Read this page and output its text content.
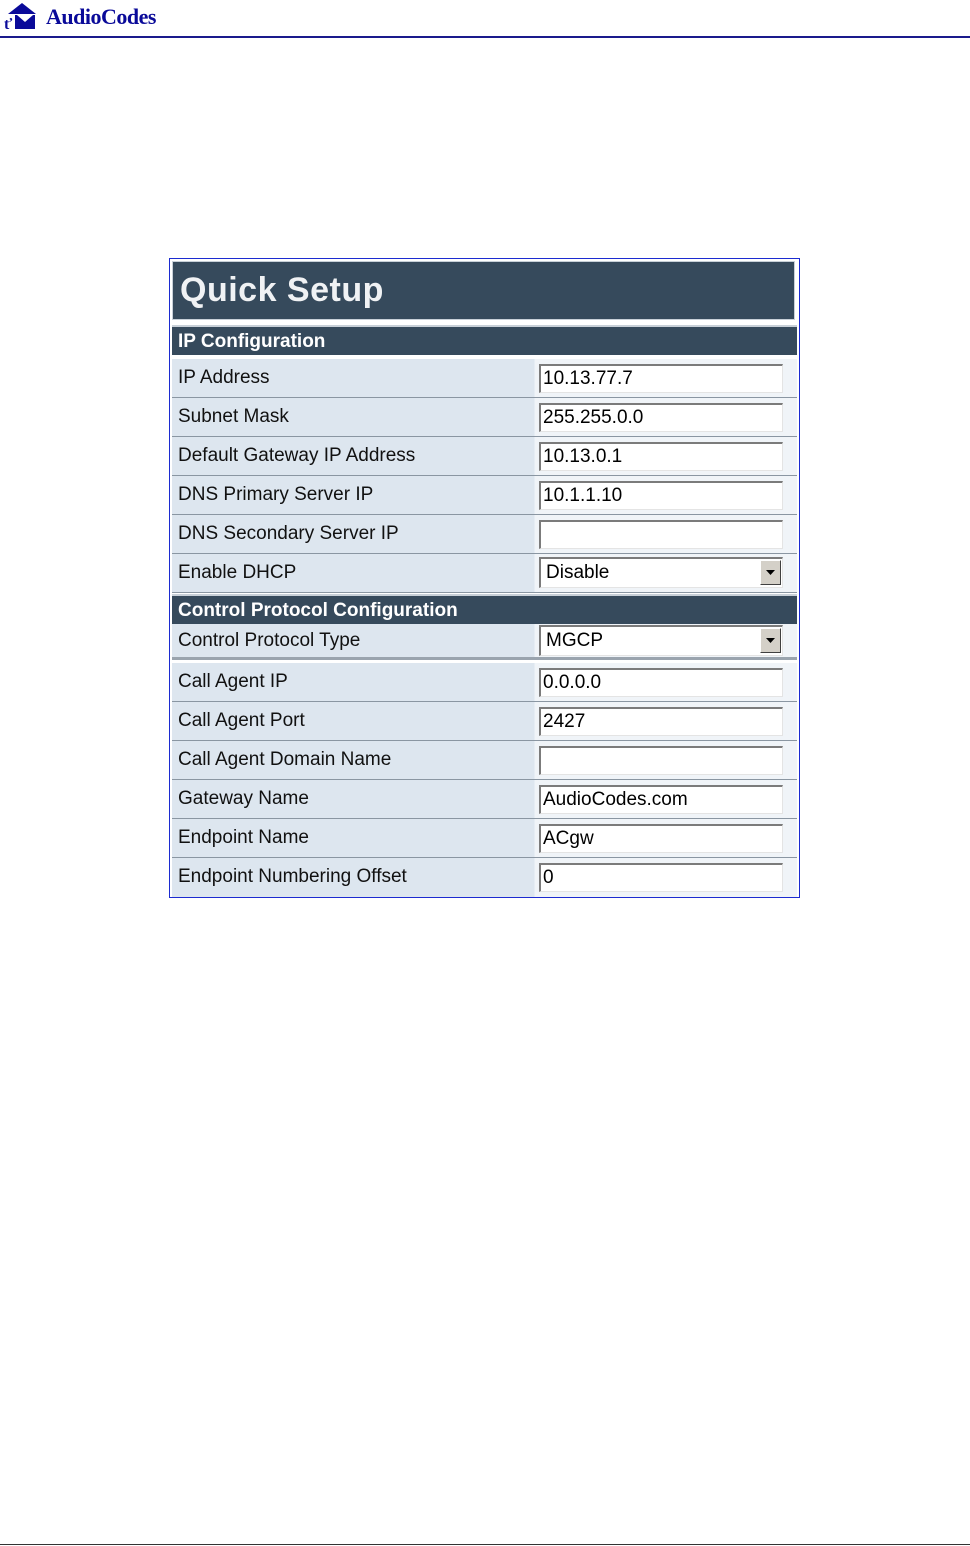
ť AudioCodes
Quick Setup
IP Configuration
IP Address	10.13.77.7
Subnet Mask	255.255.0.0
Default Gateway IP Address	10.13.0.1
DNS Primary Server IP	10.1.1.10
DNS Secondary Server IP
Enable DHCP	Disable
Control Protocol Configuration
Control Protocol Type	MGCP
Call Agent IP	0.0.0.0
Call Agent Port	2427
Call Agent Domain Name
Gateway Name	AudioCodes.com
Endpoint Name	ACgw
Endpoint Numbering Offset	0
